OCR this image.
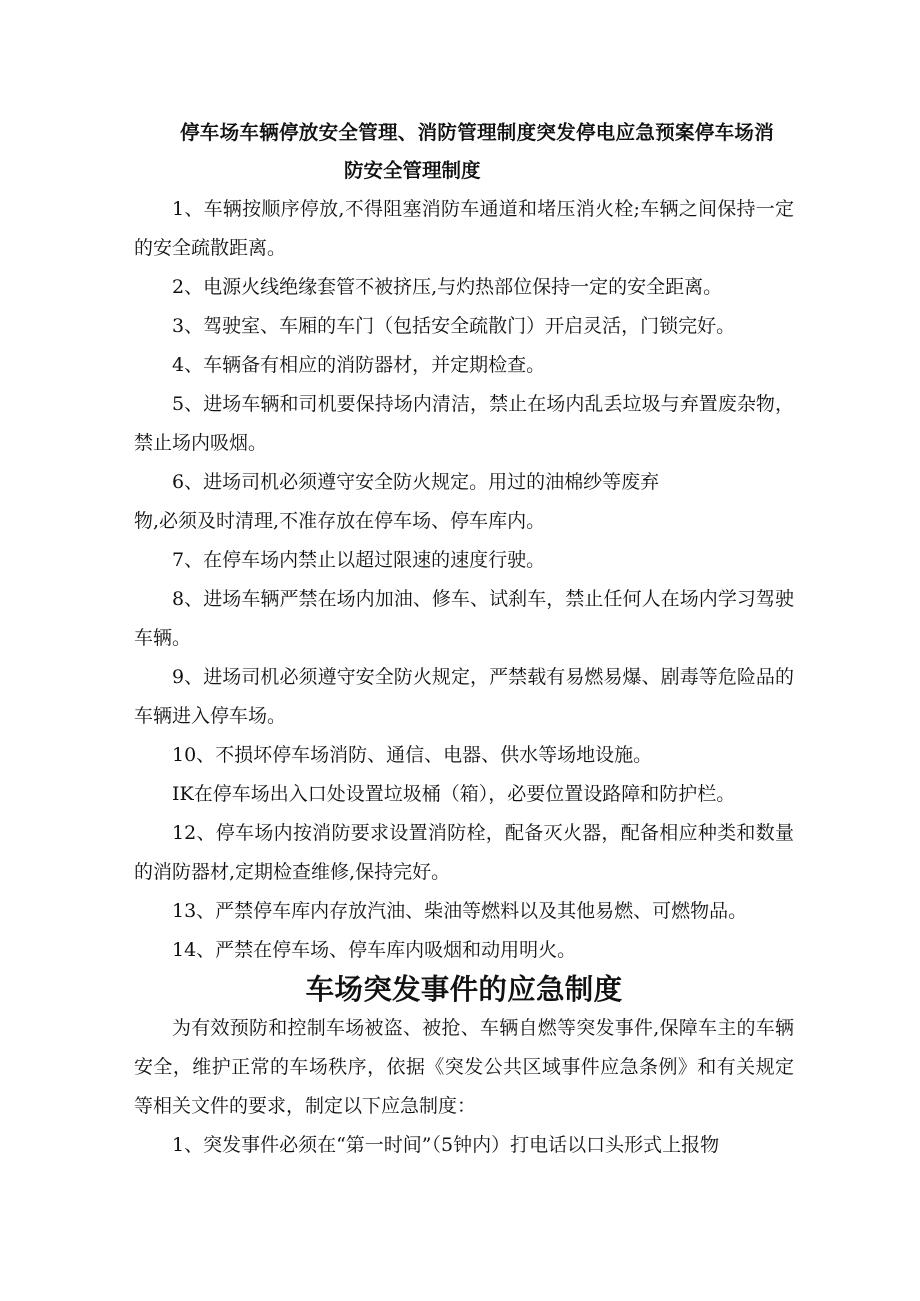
停车场车辆停放安全管理、消防管理制度突发停电应急预案停车场消
防安全管理制度

1、车辆按顺序停放,不得阻塞消防车通道和堵压消火栓;车辆之间保持一定的安全疏散距离。

2、电源火线绝缘套管不被挤压,与灼热部位保持一定的安全距离。

3、驾驶室、车厢的车门（包括安全疏散门）开启灵活，门锁完好。

4、车辆备有相应的消防器材，并定期检查。

5、进场车辆和司机要保持场内清洁，禁止在场内乱丢垃圾与弃置废杂物，禁止场内吸烟。

6、进场司机必须遵守安全防火规定。用过的油棉纱等废弃
物,必须及时清理,不准存放在停车场、停车库内。

7、在停车场内禁止以超过限速的速度行驶。

8、进场车辆严禁在场内加油、修车、试刹车，禁止任何人在场内学习驾驶车辆。

9、进场司机必须遵守安全防火规定，严禁载有易燃易爆、剧毒等危险品的车辆进入停车场。

10、不损坏停车场消防、通信、电器、供水等场地设施。

IK在停车场出入口处设置垃圾桶（箱），必要位置设路障和防护栏。

12、停车场内按消防要求设置消防栓，配备灭火器，配备相应种类和数量的消防器材,定期检查维修,保持完好。

13、严禁停车库内存放汽油、柴油等燃料以及其他易燃、可燃物品。

14、严禁在停车场、停车库内吸烟和动用明火。

车场突发事件的应急制度

为有效预防和控制车场被盗、被抢、车辆自燃等突发事件,保障车主的车辆安全，维护正常的车场秩序，依据《突发公共区域事件应急条例》和有关规定等相关文件的要求，制定以下应急制度：

1、突发事件必须在“第一时间”（5钟内）打电话以口头形式上报物
